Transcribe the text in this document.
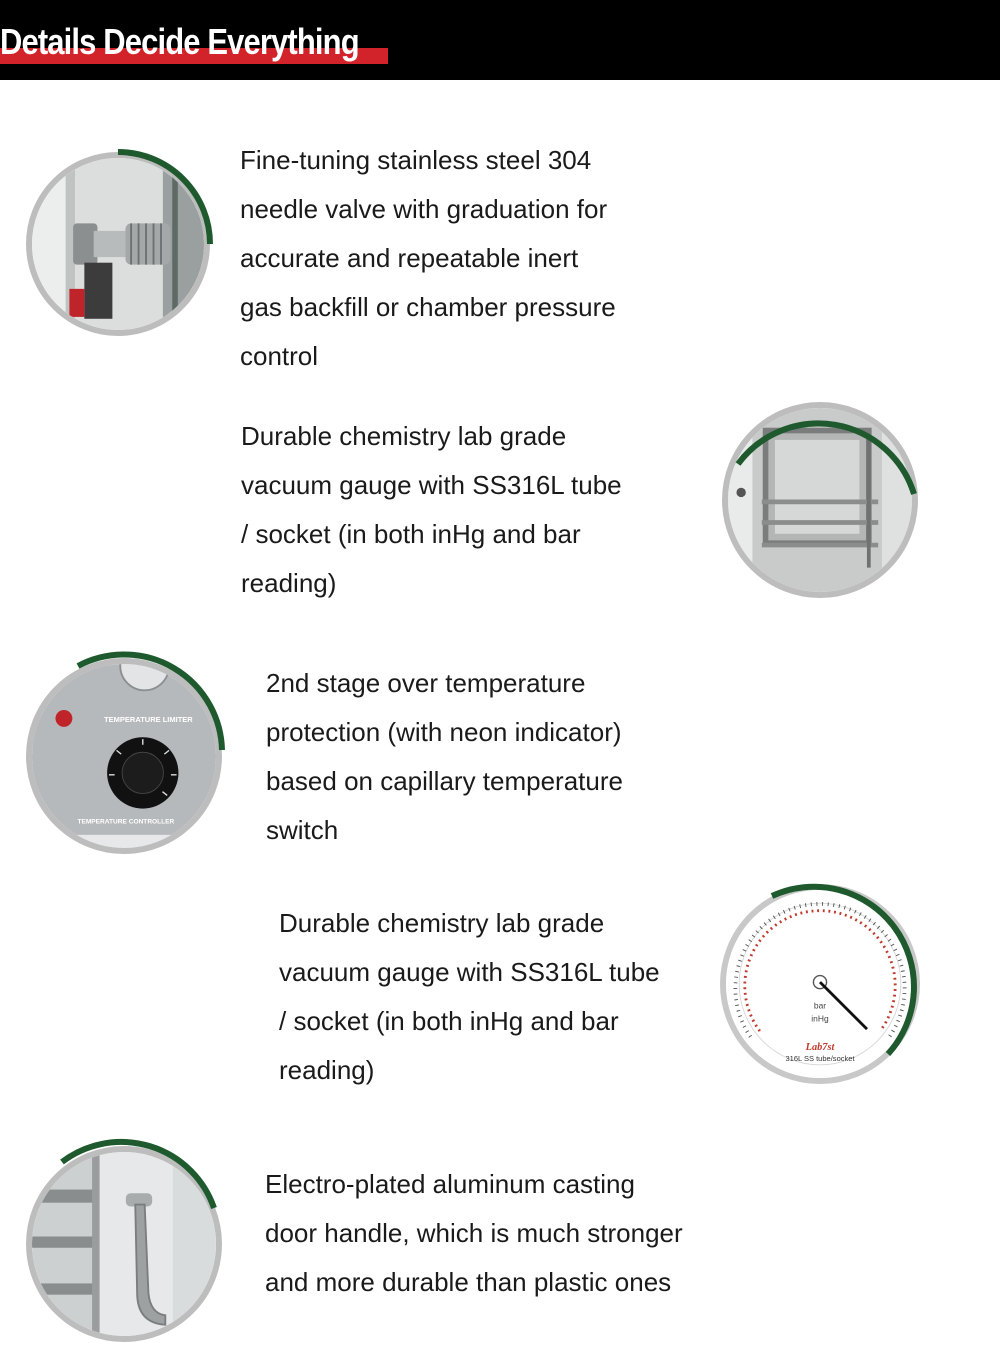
Details Decide Everything

Fine-tuning stainless steel 304
needle valve with graduation for
accurate and repeatable inert
gas backfill or chamber pressure
control

Durable chemistry lab grade
vacuum gauge with SS316L tube
/ socket (in both inHg and bar
reading)

TEMPERATURE LIMITER
TEMPERATURE CONTROLLER

2nd stage over temperature
protection (with neon indicator)
based on capillary temperature
switch

Durable chemistry lab grade
vacuum gauge with SS316L tube
/ socket (in both inHg and bar
reading)

bar
inHg
Lab7st
316L SS tube/socket

Electro-plated aluminum casting
door handle, which is much stronger
and more durable than plastic ones
